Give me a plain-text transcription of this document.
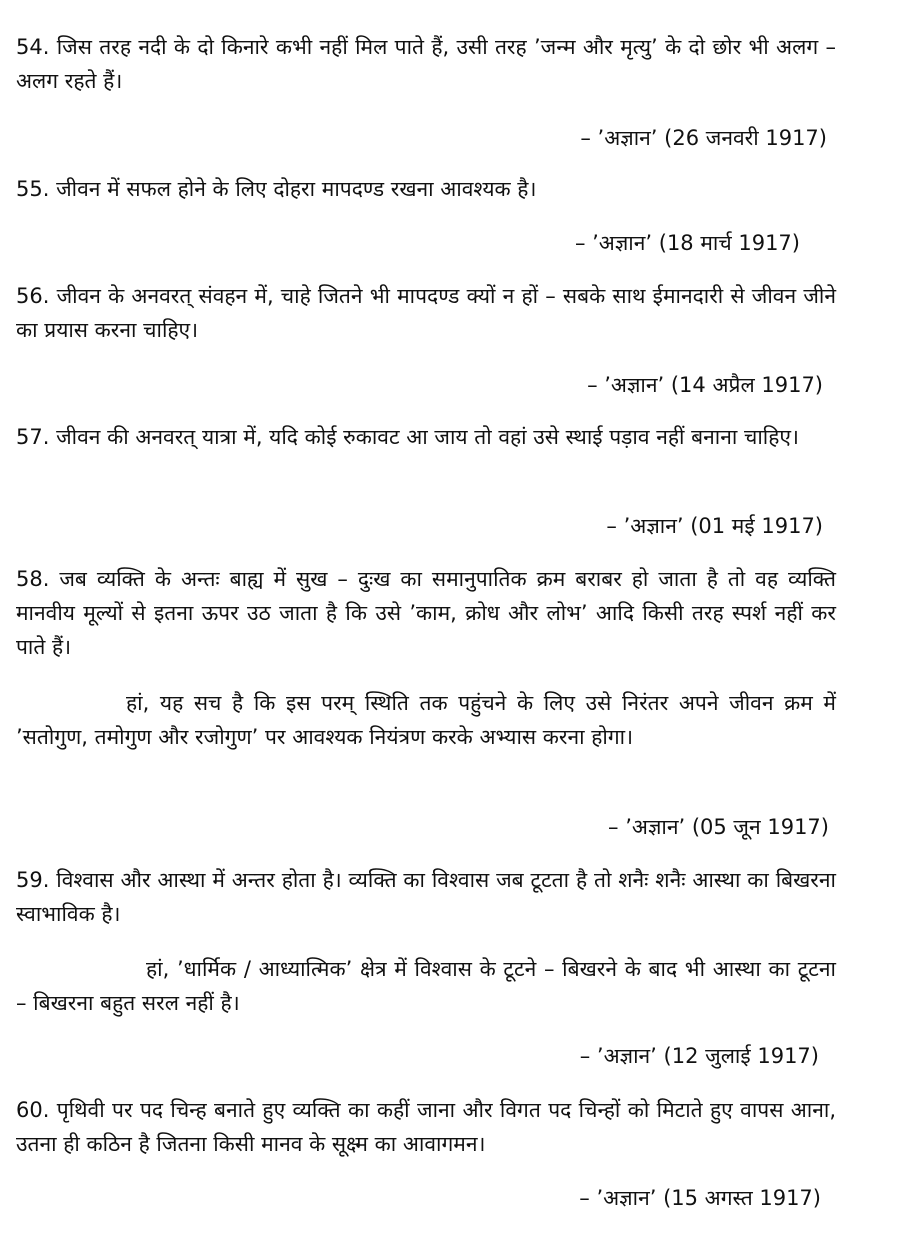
54. जिस तरह नदी के दो किनारे कभी नहीं मिल पाते हैं, उसी तरह ’जन्म और मृत्यु’ के दो छोर भी अलग – अलग रहते हैं।

– ’अज्ञान’ (26 जनवरी 1917)

55. जीवन में सफल होने के लिए दोहरा मापदण्ड रखना आवश्यक है।

– ’अज्ञान’ (18 मार्च 1917)

56. जीवन के अनवरत् संवहन में, चाहे जितने भी मापदण्ड क्यों न हों – सबके साथ ईमानदारी से जीवन जीने का प्रयास करना चाहिए।

– ’अज्ञान’ (14 अप्रैल 1917)

57. जीवन की अनवरत् यात्रा में, यदि कोई रुकावट आ जाय तो वहां उसे स्थाई पड़ाव नहीं बनाना चाहिए।

– ’अज्ञान’ (01 मई 1917)

58. जब व्यक्ति के अन्तः बाह्य में सुख – दुःख का समानुपातिक क्रम बराबर हो जाता है तो वह व्यक्ति मानवीय मूल्यों से इतना ऊपर उठ जाता है कि उसे ’काम, क्रोध और लोभ’ आदि किसी तरह स्पर्श नहीं कर पाते हैं।

हां, यह सच है कि इस परम् स्थिति तक पहुंचने के लिए उसे निरंतर अपने जीवन क्रम में ’सतोगुण, तमोगुण और रजोगुण’ पर आवश्यक नियंत्रण करके अभ्यास करना होगा।

– ’अज्ञान’ (05 जून 1917)

59. विश्वास और आस्था में अन्तर होता है। व्यक्ति का विश्वास जब टूटता है तो शनैः शनैः आस्था का बिखरना स्वाभाविक है।

हां, ’धार्मिक / आध्यात्मिक’ क्षेत्र में विश्वास के टूटने – बिखरने के बाद भी आस्था का टूटना – बिखरना बहुत सरल नहीं है।

– ’अज्ञान’ (12 जुलाई 1917)

60. पृथिवी पर पद चिन्ह बनाते हुए व्यक्ति का कहीं जाना और विगत पद चिन्हों को मिटाते हुए वापस आना, उतना ही कठिन है जितना किसी मानव के सूक्ष्म का आवागमन।

– ’अज्ञान’ (15 अगस्त 1917)
